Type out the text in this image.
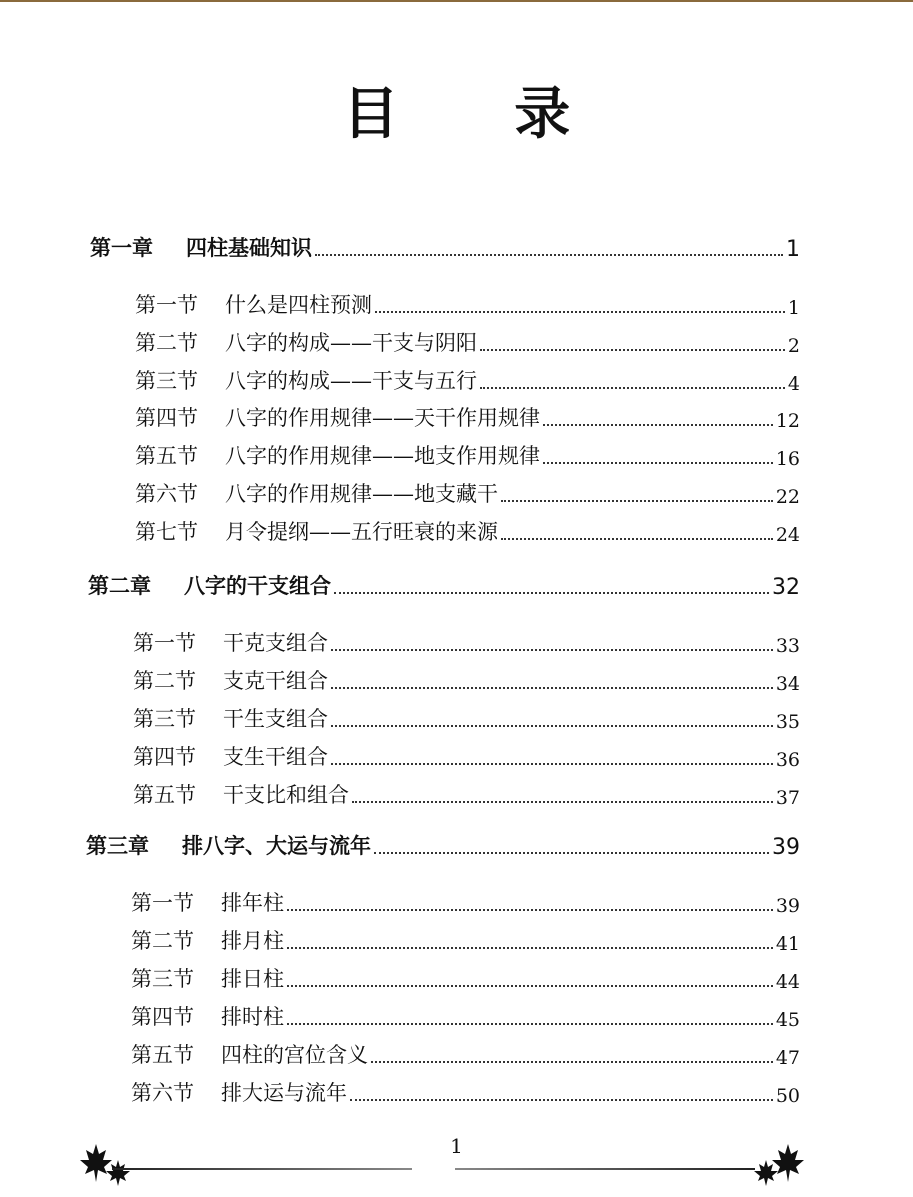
目 录
第一章	四柱基础知识	1
第一节	什么是四柱预测	1
第二节	八字的构成——干支与阴阳	2
第三节	八字的构成——干支与五行	4
第四节	八字的作用规律——天干作用规律	12
第五节	八字的作用规律——地支作用规律	16
第六节	八字的作用规律——地支藏干	22
第七节	月令提纲——五行旺衰的来源	24
第二章	八字的干支组合	32
第一节	干克支组合	33
第二节	支克干组合	34
第三节	干生支组合	35
第四节	支生干组合	36
第五节	干支比和组合	37
第三章	排八字、大运与流年	39
第一节	排年柱	39
第二节	排月柱	41
第三节	排日柱	44
第四节	排时柱	45
第五节	四柱的宫位含义	47
第六节	排大运与流年	50
1
